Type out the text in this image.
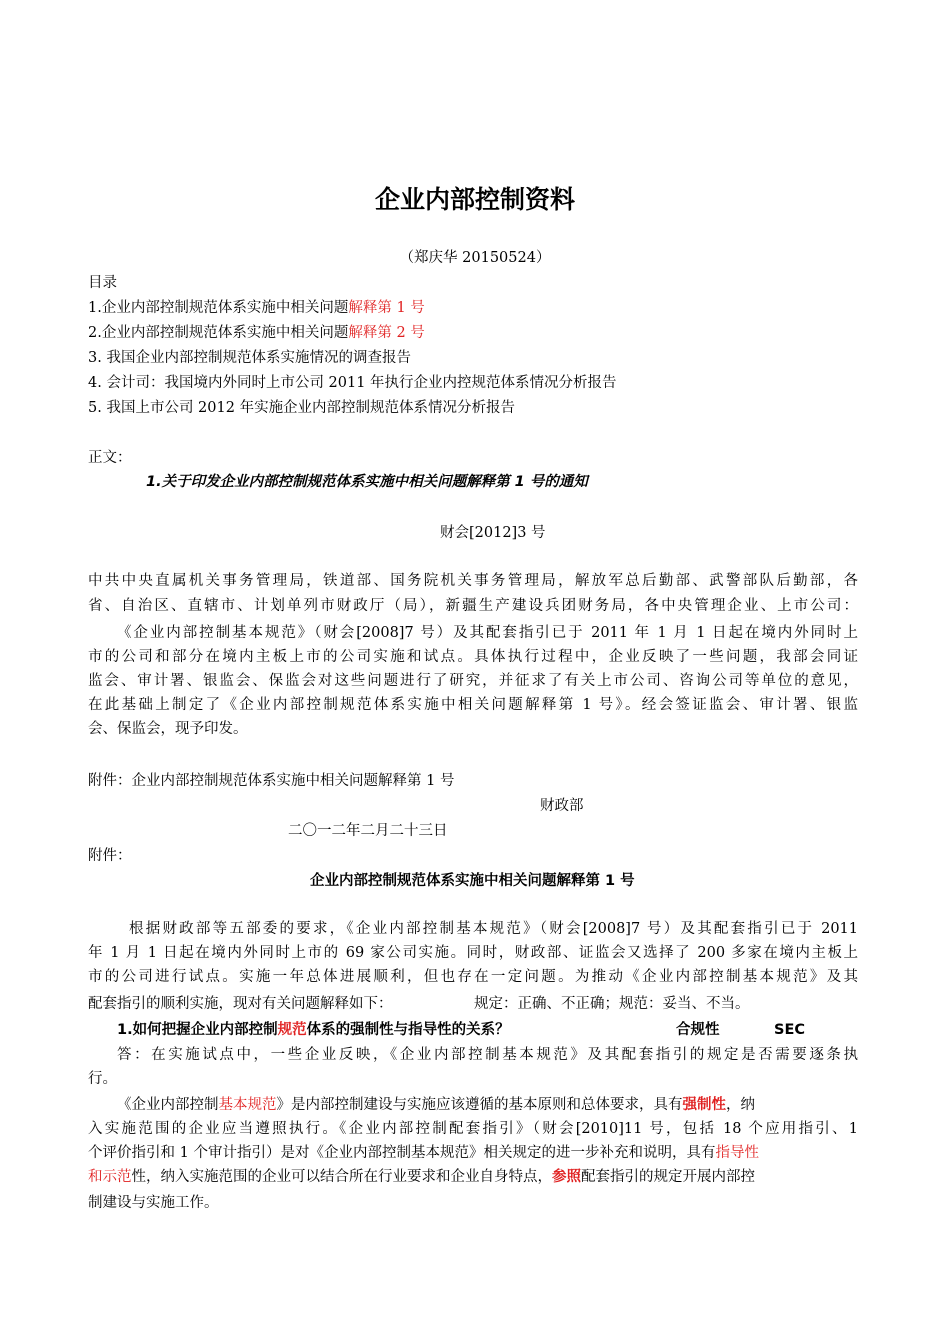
企业内部控制资料
（郑庆华 20150524）
目录
1.企业内部控制规范体系实施中相关问题解释第 1 号
2.企业内部控制规范体系实施中相关问题解释第 2 号
3. 我国企业内部控制规范体系实施情况的调查报告
4. 会计司：我国境内外同时上市公司 2011 年执行企业内控规范体系情况分析报告
5. 我国上市公司 2012 年实施企业内部控制规范体系情况分析报告
正文：
1.关于印发企业内部控制规范体系实施中相关问题解释第 1 号的通知
财会[2012]3 号
中共中央直属机关事务管理局，铁道部、国务院机关事务管理局，解放军总后勤部、武警部队后勤部，各
省、自治区、直辖市、计划单列市财政厅（局），新疆生产建设兵团财务局，各中央管理企业、上市公司：
《企业内部控制基本规范》（财会[2008]7 号）及其配套指引已于 2011 年 1 月 1 日起在境内外同时上
市的公司和部分在境内主板上市的公司实施和试点。具体执行过程中，企业反映了一些问题，我部会同证
监会、审计署、银监会、保监会对这些问题进行了研究，并征求了有关上市公司、咨询公司等单位的意见，
在此基础上制定了《企业内部控制规范体系实施中相关问题解释第 1 号》。经会签证监会、审计署、银监
会、保监会，现予印发。
附件：企业内部控制规范体系实施中相关问题解释第 1 号
财政部
二〇一二年二月二十三日
附件：
企业内部控制规范体系实施中相关问题解释第 1 号
根据财政部等五部委的要求，《企业内部控制基本规范》（财会[2008]7 号）及其配套指引已于 2011
年 1 月 1 日起在境内外同时上市的 69 家公司实施。同时，财政部、证监会又选择了 200 多家在境内主板上
市的公司进行试点。实施一年总体进展顺利，但也存在一定问题。为推动《企业内部控制基本规范》及其
配套指引的顺利实施，现对有关问题解释如下：	规定：正确、不正确；规范：妥当、不当。
1.如何把握企业内部控制规范体系的强制性与指导性的关系？	合规性	SEC
答：在实施试点中，一些企业反映，《企业内部控制基本规范》及其配套指引的规定是否需要逐条执
行。
《企业内部控制基本规范》是内部控制建设与实施应该遵循的基本原则和总体要求，具有强制性，纳
入实施范围的企业应当遵照执行。《企业内部控制配套指引》（财会[2010]11 号，包括 18 个应用指引、1
个评价指引和 1 个审计指引）是对《企业内部控制基本规范》相关规定的进一步补充和说明，具有指导性
和示范性，纳入实施范围的企业可以结合所在行业要求和企业自身特点，参照配套指引的规定开展内部控
制建设与实施工作。
